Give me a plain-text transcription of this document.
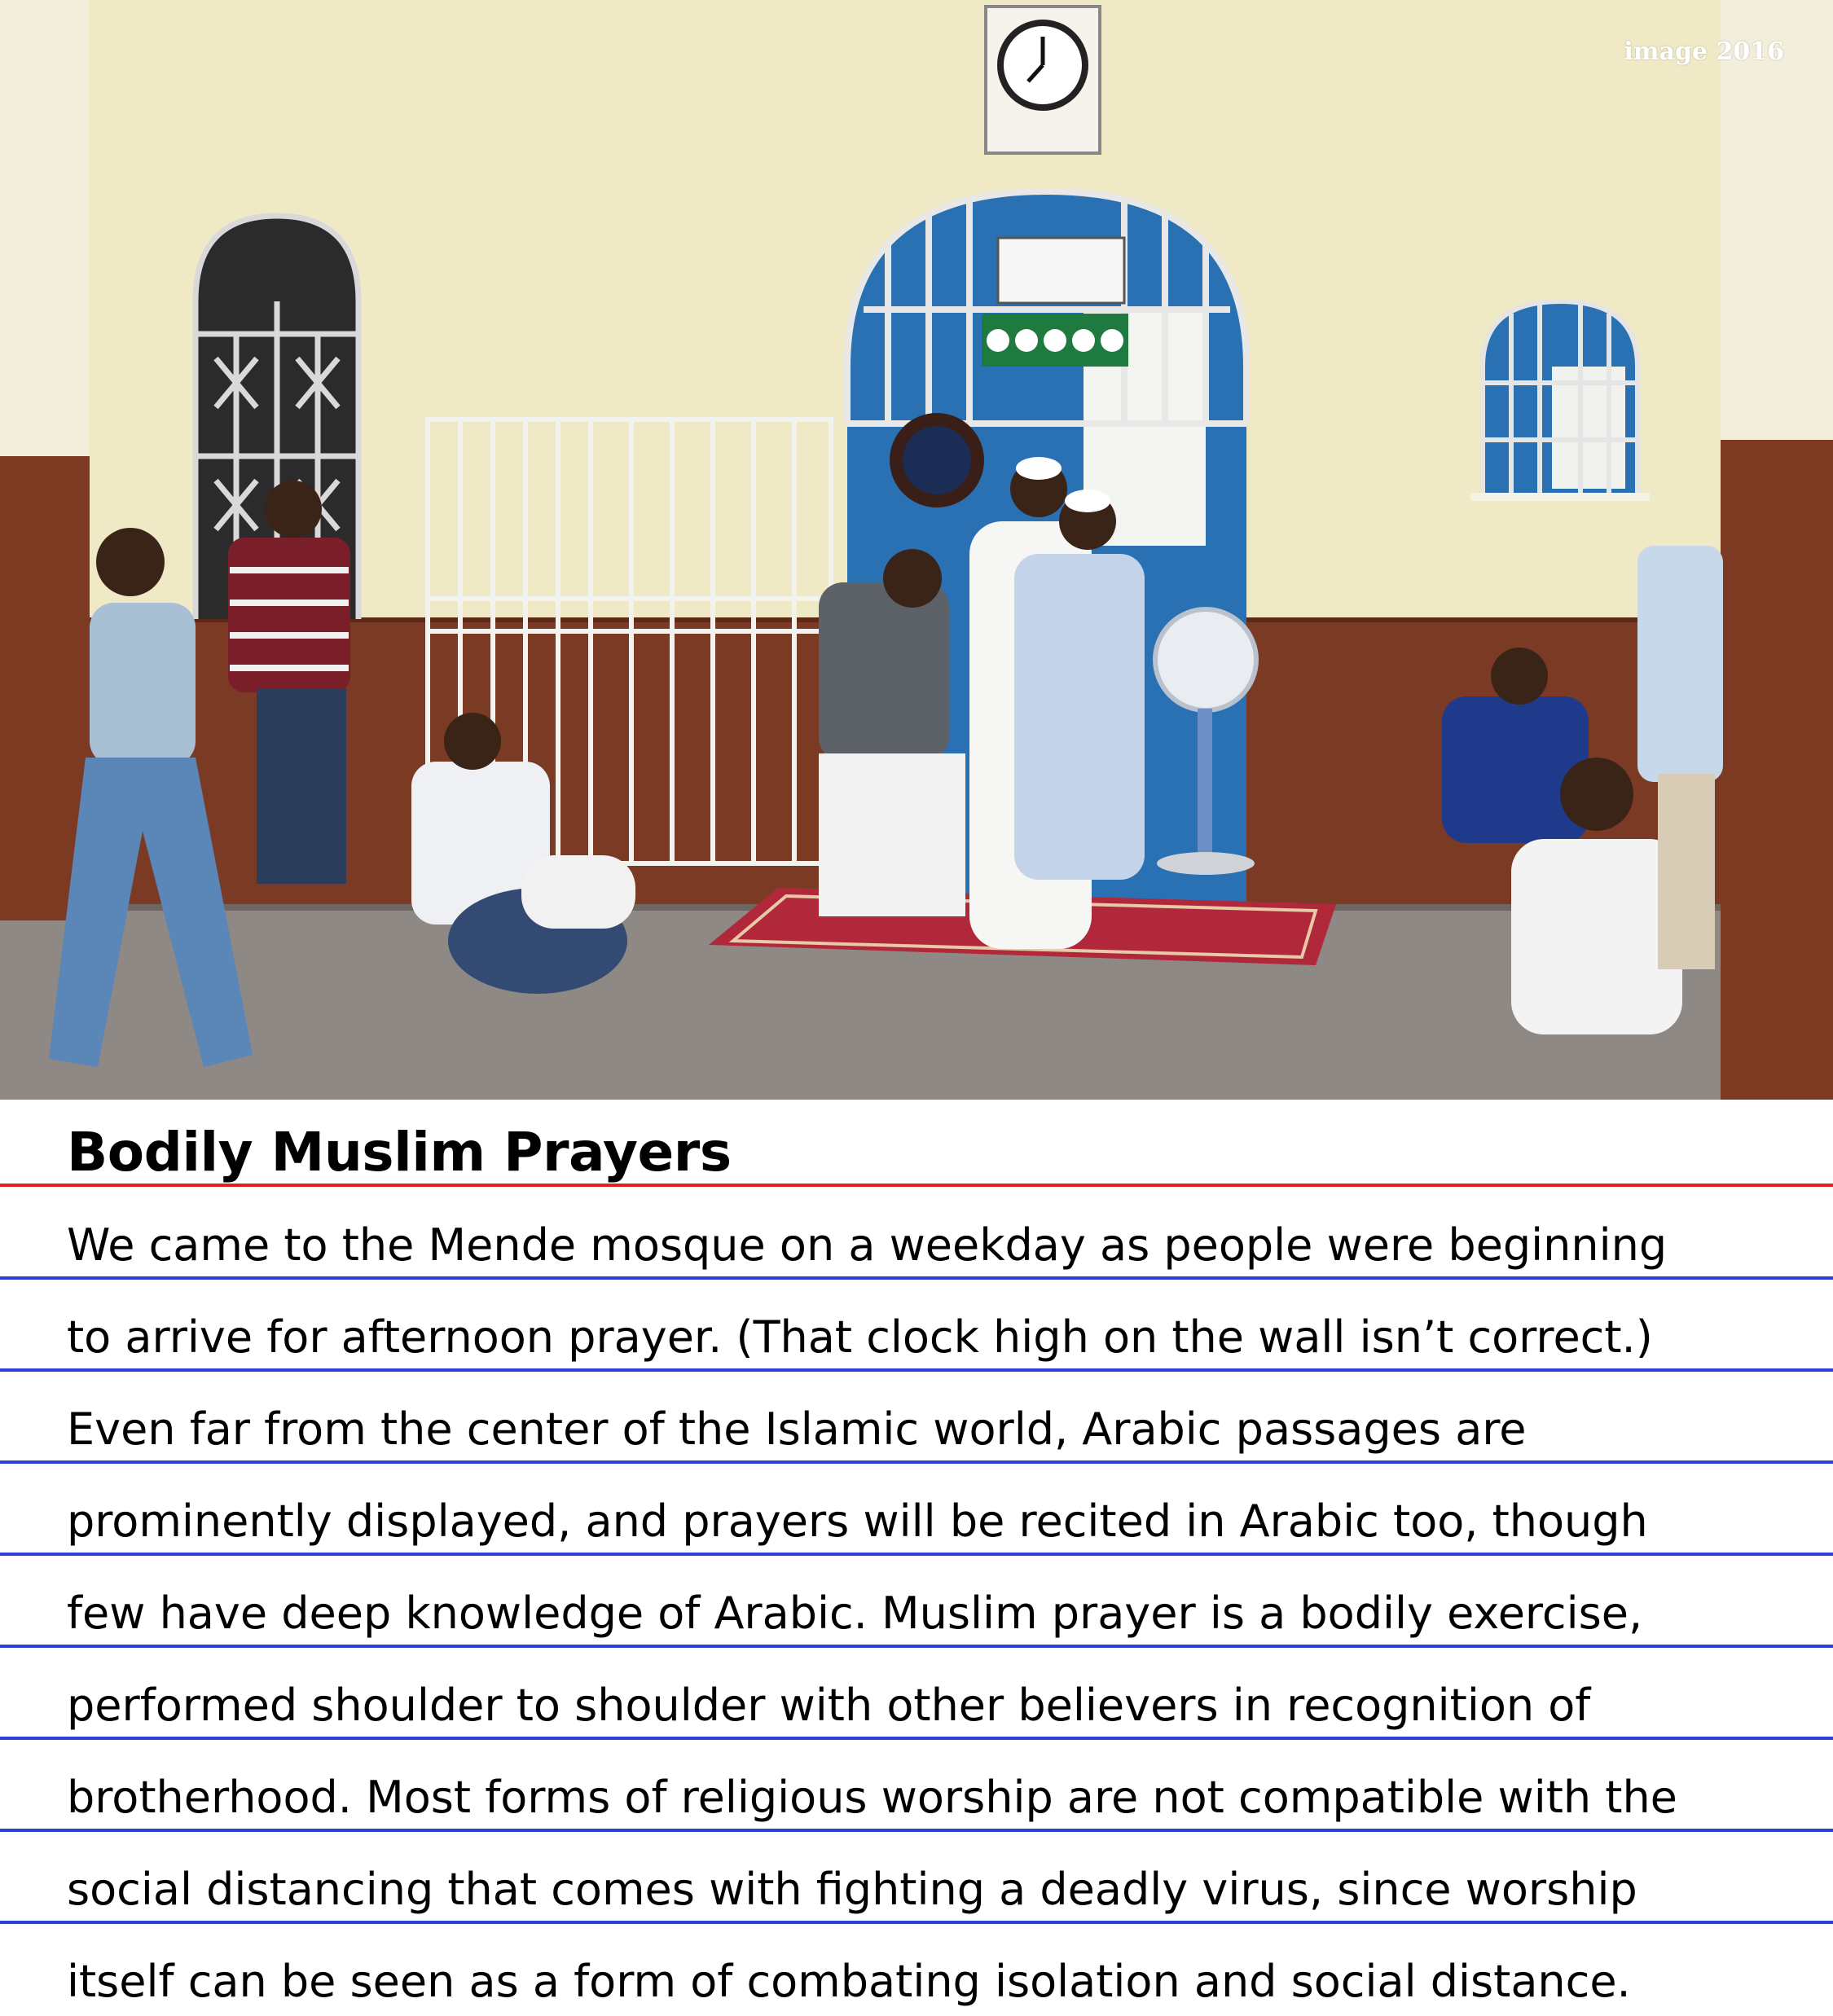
image 2016
Bodily Muslim Prayers

We came to the Mende mosque on a weekday as people were beginning

to arrive for afternoon prayer. (That clock high on the wall isn’t correct.)

Even far from the center of the Islamic world, Arabic passages are

prominently displayed, and prayers will be recited in Arabic too, though

few have deep knowledge of Arabic. Muslim prayer is a bodily exercise,

performed shoulder to shoulder with other believers in recognition of

brotherhood. Most forms of religious worship are not compatible with the

social distancing that comes with fighting a deadly virus, since worship

itself can be seen as a form of combating isolation and social distance.
